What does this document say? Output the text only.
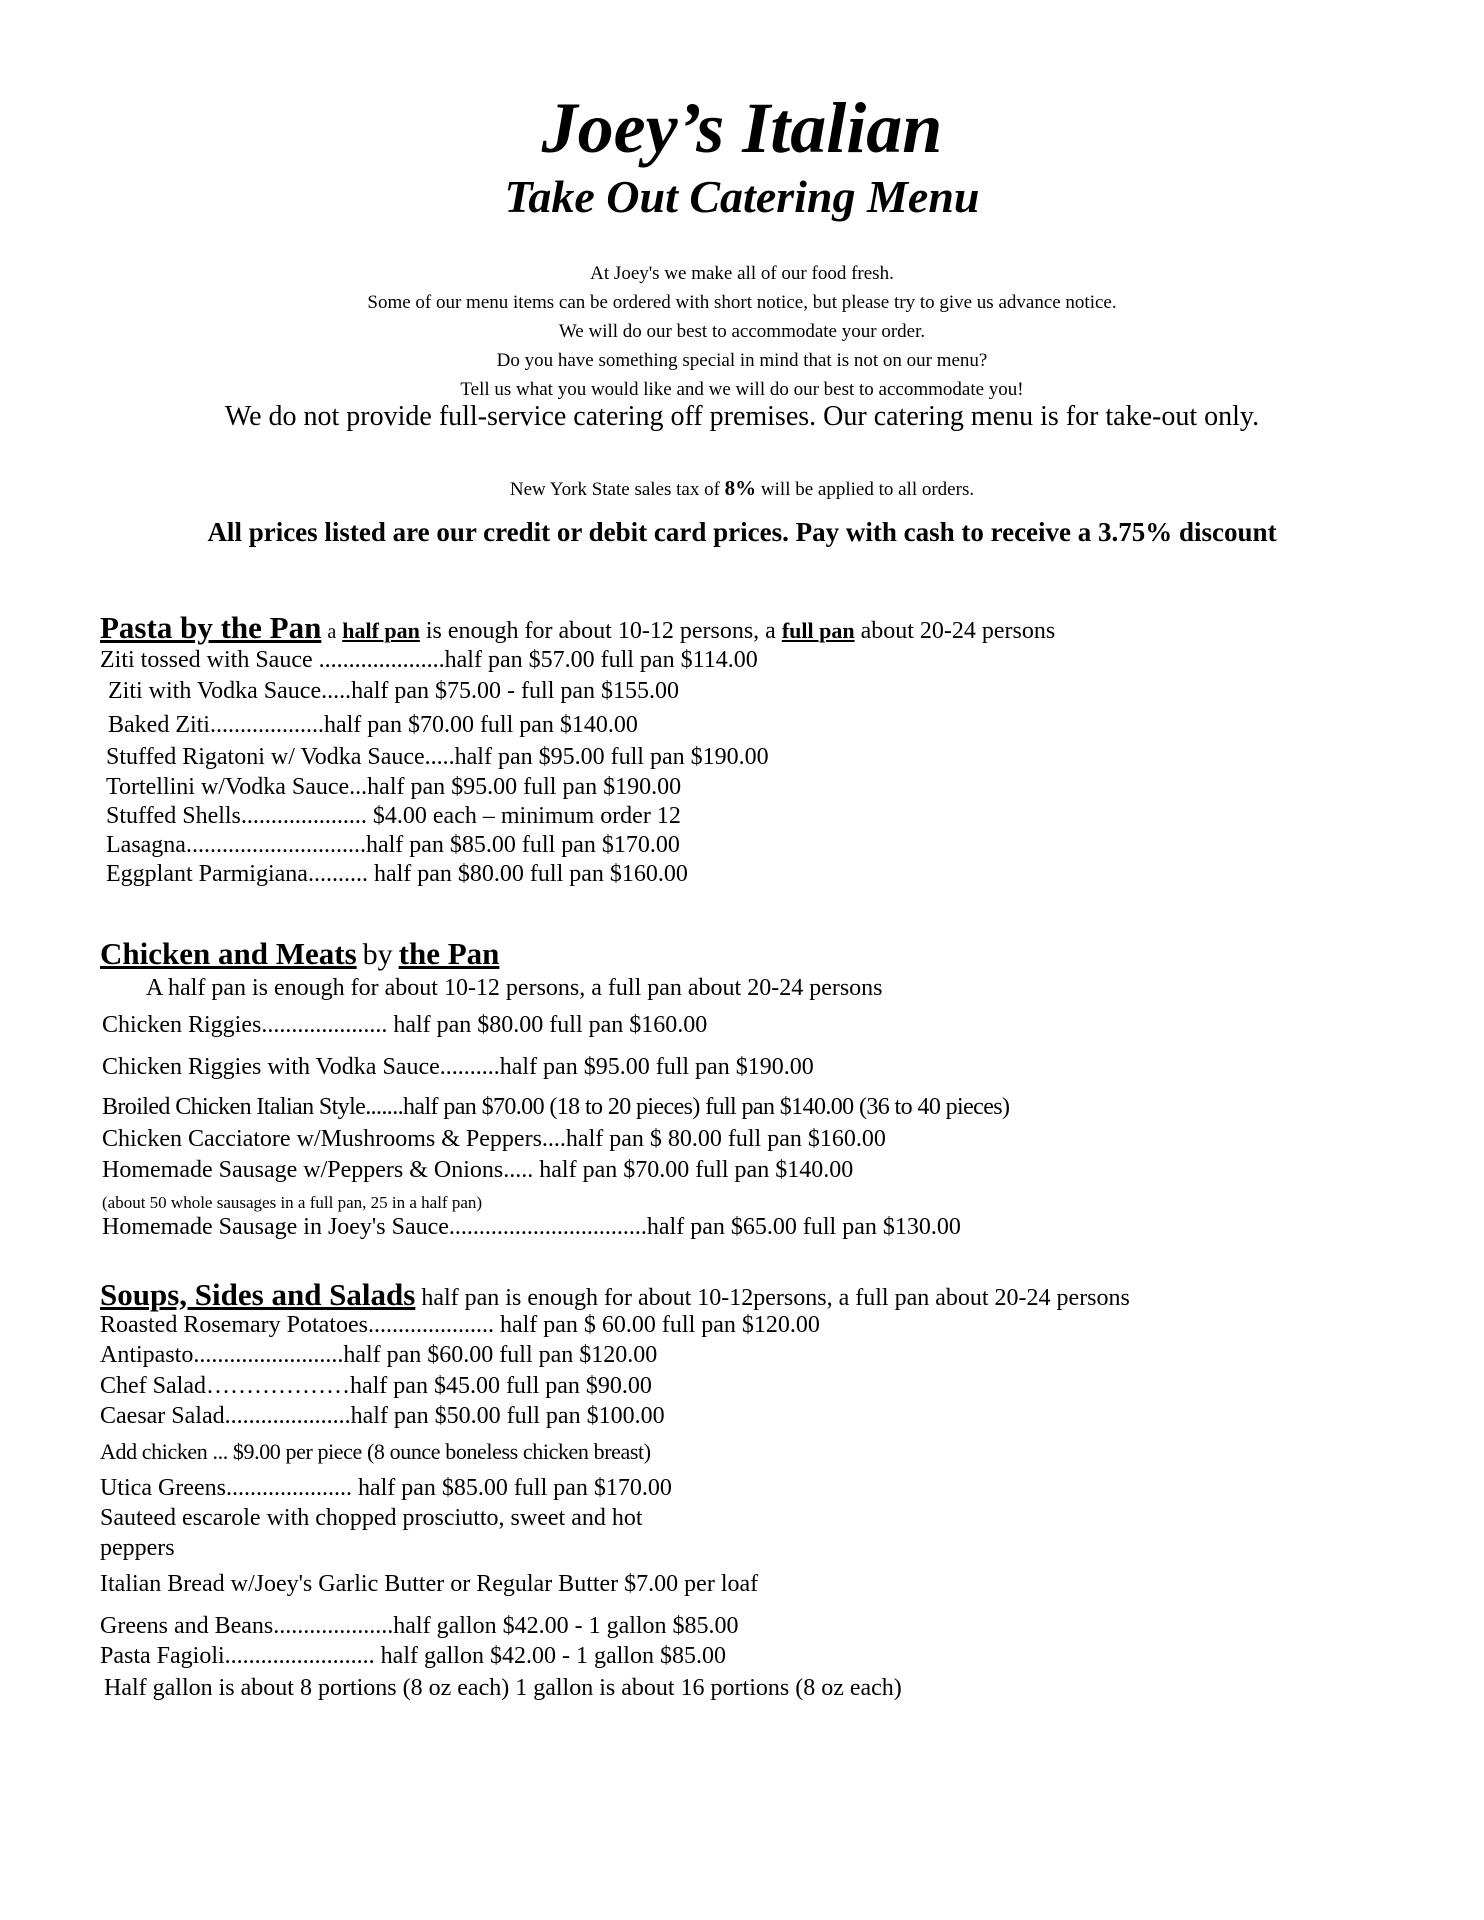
Joey’s Italian
Take Out Catering Menu
At Joey's we make all of our food fresh.
Some of our menu items can be ordered with short notice, but please try to give us advance notice.
We will do our best to accommodate your order.
Do you have something special in mind that is not on our menu?
Tell us what you would like and we will do our best to accommodate you!
We do not provide full-service catering off premises. Our catering menu is for take-out only.
New York State sales tax of 8% will be applied to all orders.
All prices listed are our credit or debit card prices. Pay with cash to receive a 3.75% discount
Pasta by the Pan a half pan is enough for about 10-12 persons, a full pan about 20-24 persons
Ziti tossed with Sauce .....................half pan $57.00 full pan $114.00
Ziti with Vodka Sauce.....half pan $75.00 - full pan $155.00
Baked Ziti...................half pan $70.00 full pan $140.00
Stuffed Rigatoni w/ Vodka Sauce.....half pan $95.00 full pan $190.00
Tortellini w/Vodka Sauce...half pan $95.00 full pan $190.00
Stuffed Shells..................... $4.00 each – minimum order 12
Lasagna..............................half pan $85.00 full pan $170.00
Eggplant Parmigiana.......... half pan $80.00 full pan $160.00
Chicken and Meats by the Pan
A half pan is enough for about 10-12 persons, a full pan about 20-24 persons
Chicken Riggies..................... half pan $80.00 full pan $160.00
Chicken Riggies with Vodka Sauce..........half pan $95.00 full pan $190.00
Broiled Chicken Italian Style.......half pan $70.00 (18 to 20 pieces) full pan $140.00 (36 to 40 pieces)
Chicken Cacciatore w/Mushrooms & Peppers....half pan $ 80.00 full pan $160.00
Homemade Sausage w/Peppers & Onions..... half pan $70.00 full pan $140.00
(about 50 whole sausages in a full pan, 25 in a half pan)
Homemade Sausage in Joey's Sauce.................................half pan $65.00 full pan $130.00
Soups, Sides and Salads half pan is enough for about 10-12persons, a full pan about 20-24 persons
Roasted Rosemary Potatoes..................... half pan $ 60.00 full pan $120.00
Antipasto.........................half pan $60.00 full pan $120.00
Chef Salad………………half pan $45.00 full pan $90.00
Caesar Salad.....................half pan $50.00 full pan $100.00
Add chicken ... $9.00 per piece (8 ounce boneless chicken breast)
Utica Greens..................... half pan $85.00 full pan $170.00
Sauteed escarole with chopped prosciutto, sweet and hot peppers
Italian Bread w/Joey's Garlic Butter or Regular Butter $7.00 per loaf
Greens and Beans....................half gallon $42.00 - 1 gallon $85.00
Pasta Fagioli......................... half gallon $42.00 - 1 gallon $85.00
Half gallon is about 8 portions (8 oz each) 1 gallon is about 16 portions (8 oz each)
